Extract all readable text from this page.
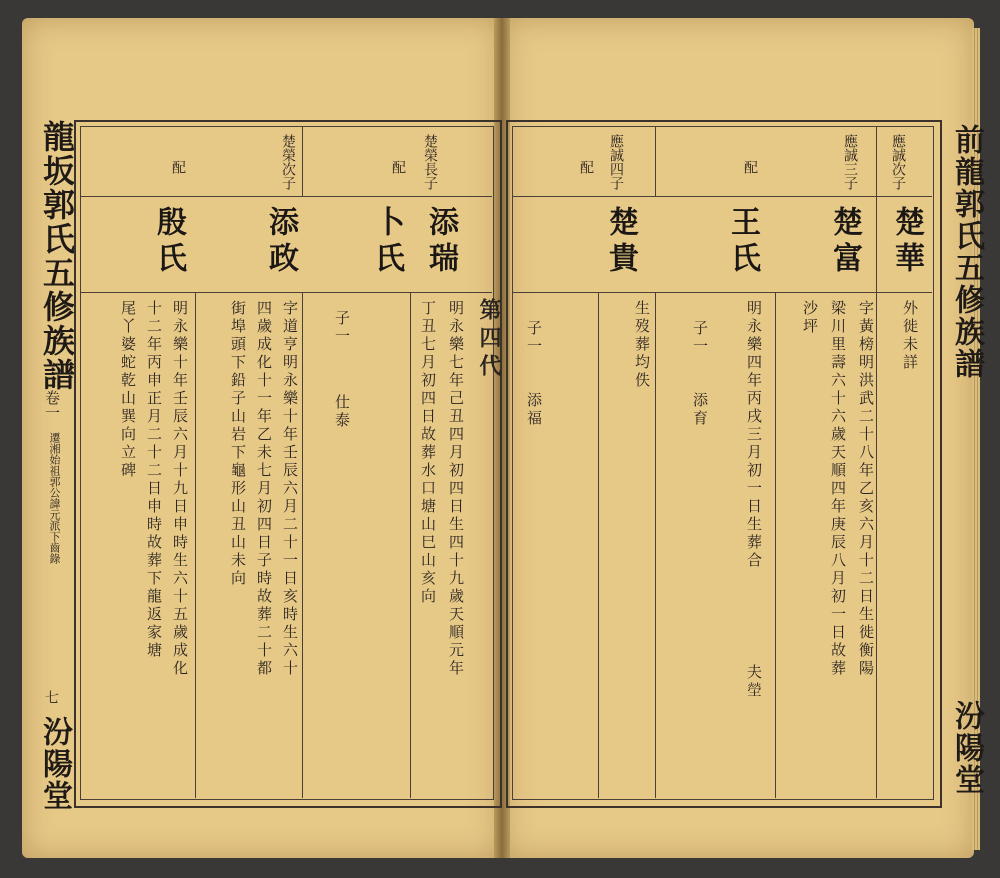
龍坂郭氏五修族譜
卷一
遷湘始祖郭公諱元派下齒錄
七
汾陽堂
楚榮長子
配
添瑞
卜氏
明永樂七年己丑四月初四日生四十九歲天順元年
丁丑七月初四日故葬水口塘山巳山亥向
子一
仕泰
楚榮次子
配
添政
殷氏
字道亨明永樂十年壬辰六月二十一日亥時生六十
四歲成化十一年乙未七月初四日子時故葬二十都
街埠頭下鉛子山岩下龜形山丑山未向
明永樂十年壬辰六月十九日申時生六十五歲成化
十二年丙申正月二十二日申時故葬下龍返家塘
尾丫婆蛇乾山巽向立碑	第四代
應誠次子
楚華
外徙未詳
應誠三子
配
楚富
王氏
字黃榜明洪武二十八年乙亥六月十二日生徙衡陽
梁川里壽六十六歲天順四年庚辰八月初一日故葬
沙坪
明永樂四年丙戌三月初一日生葬合
夫塋
子一
添育
應誠四子
配
楚貴
生歿葬均佚
子一
添福
前龍郭氏五修族譜
汾陽堂
